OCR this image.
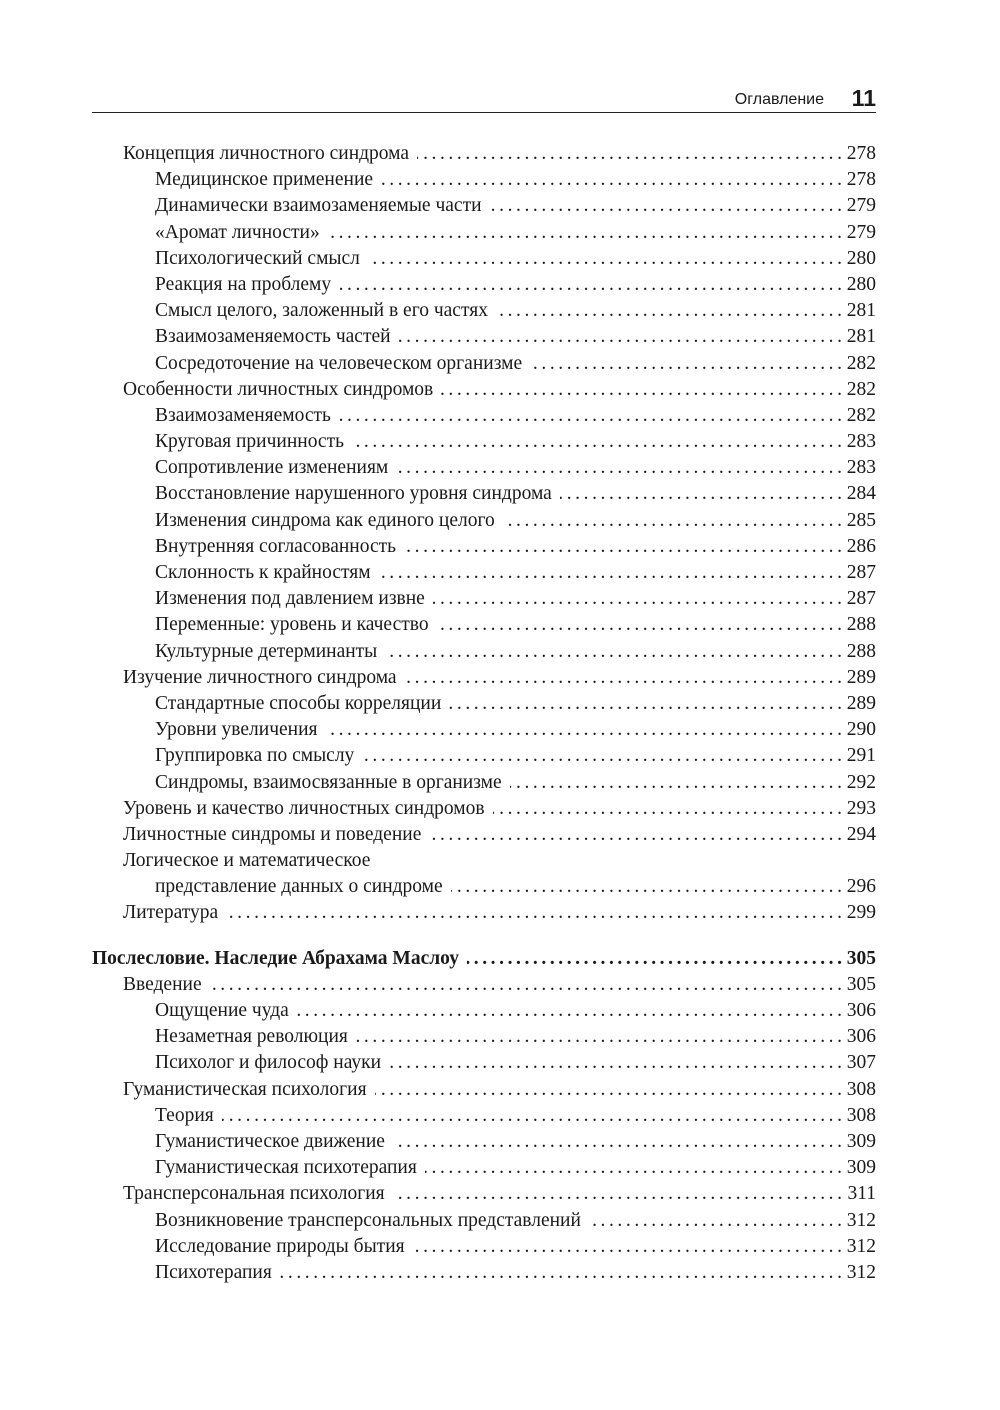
Оглавление 11
Концепция личностного синдрома . . .	278
Медицинское применение . . .	278
Динамически взаимозаменяемые части . . .	279
«Аромат личности» . . .	279
Психологический смысл . . .	280
Реакция на проблему . . .	280
Смысл целого, заложенный в его частях . . .	281
Взаимозаменяемость частей . . .	281
Сосредоточение на человеческом организме . . .	282
Особенности личностных синдромов . . .	282
Взаимозаменяемость . . .	282
Круговая причинность . . .	283
Сопротивление изменениям . . .	283
Восстановление нарушенного уровня синдрома . . .	284
Изменения синдрома как единого целого . . .	285
Внутренняя согласованность . . .	286
Склонность к крайностям . . .	287
Изменения под давлением извне . . .	287
Переменные: уровень и качество . . .	288
Культурные детерминанты . . .	288
Изучение личностного синдрома . . .	289
Стандартные способы корреляции . . .	289
Уровни увеличения . . .	290
Группировка по смыслу . . .	291
Синдромы, взаимосвязанные в организме . . .	292
Уровень и качество личностных синдромов . . .	293
Личностные синдромы и поведение . . .	294
Логическое и математическое
представление данных о синдроме . . .	296
Литература . . .	299
Послесловие. Наследие Абрахама Маслоу . . .	305
Введение . . .	305
Ощущение чуда . . .	306
Незаметная революция . . .	306
Психолог и философ науки . . .	307
Гуманистическая психология . . .	308
Теория . . .	308
Гуманистическое движение . . .	309
Гуманистическая психотерапия . . .	309
Трансперсональная психология . . .	311
Возникновение трансперсональных представлений . . .	312
Исследование природы бытия . . .	312
Психотерапия . . .	312
